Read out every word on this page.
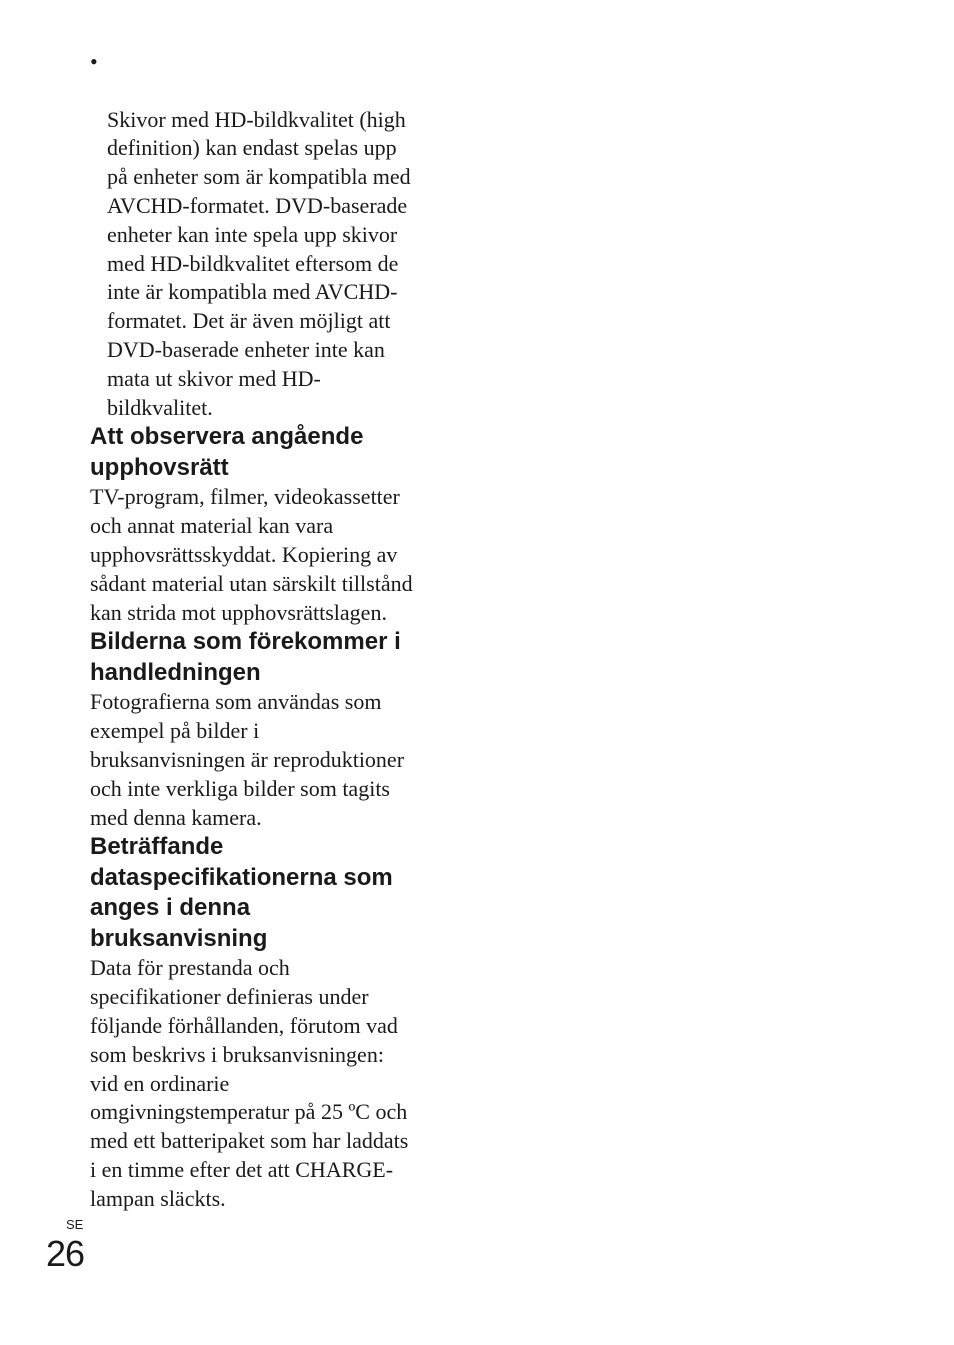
•

Skivor med HD-bildkvalitet (high
definition) kan endast spelas upp
på enheter som är kompatibla med
AVCHD-formatet. DVD-baserade
enheter kan inte spela upp skivor
med HD-bildkvalitet eftersom de
inte är kompatibla med AVCHD-
formatet. Det är även möjligt att
DVD-baserade enheter inte kan
mata ut skivor med HD-
bildkvalitet.

Att observera angående
upphovsrätt

TV-program, filmer, videokassetter
och annat material kan vara
upphovsrättsskyddat. Kopiering av
sådant material utan särskilt tillstånd
kan strida mot upphovsrättslagen.

Bilderna som förekommer i
handledningen

Fotografierna som användas som
exempel på bilder i
bruksanvisningen är reproduktioner
och inte verkliga bilder som tagits
med denna kamera.

Beträffande
dataspecifikationerna som
anges i denna
bruksanvisning

Data för prestanda och
specifikationer definieras under
följande förhållanden, förutom vad
som beskrivs i bruksanvisningen:
vid en ordinarie
omgivningstemperatur på 25 ºC och
med ett batteripaket som har laddats
i en timme efter det att CHARGE-
lampan släckts.

SE
26
